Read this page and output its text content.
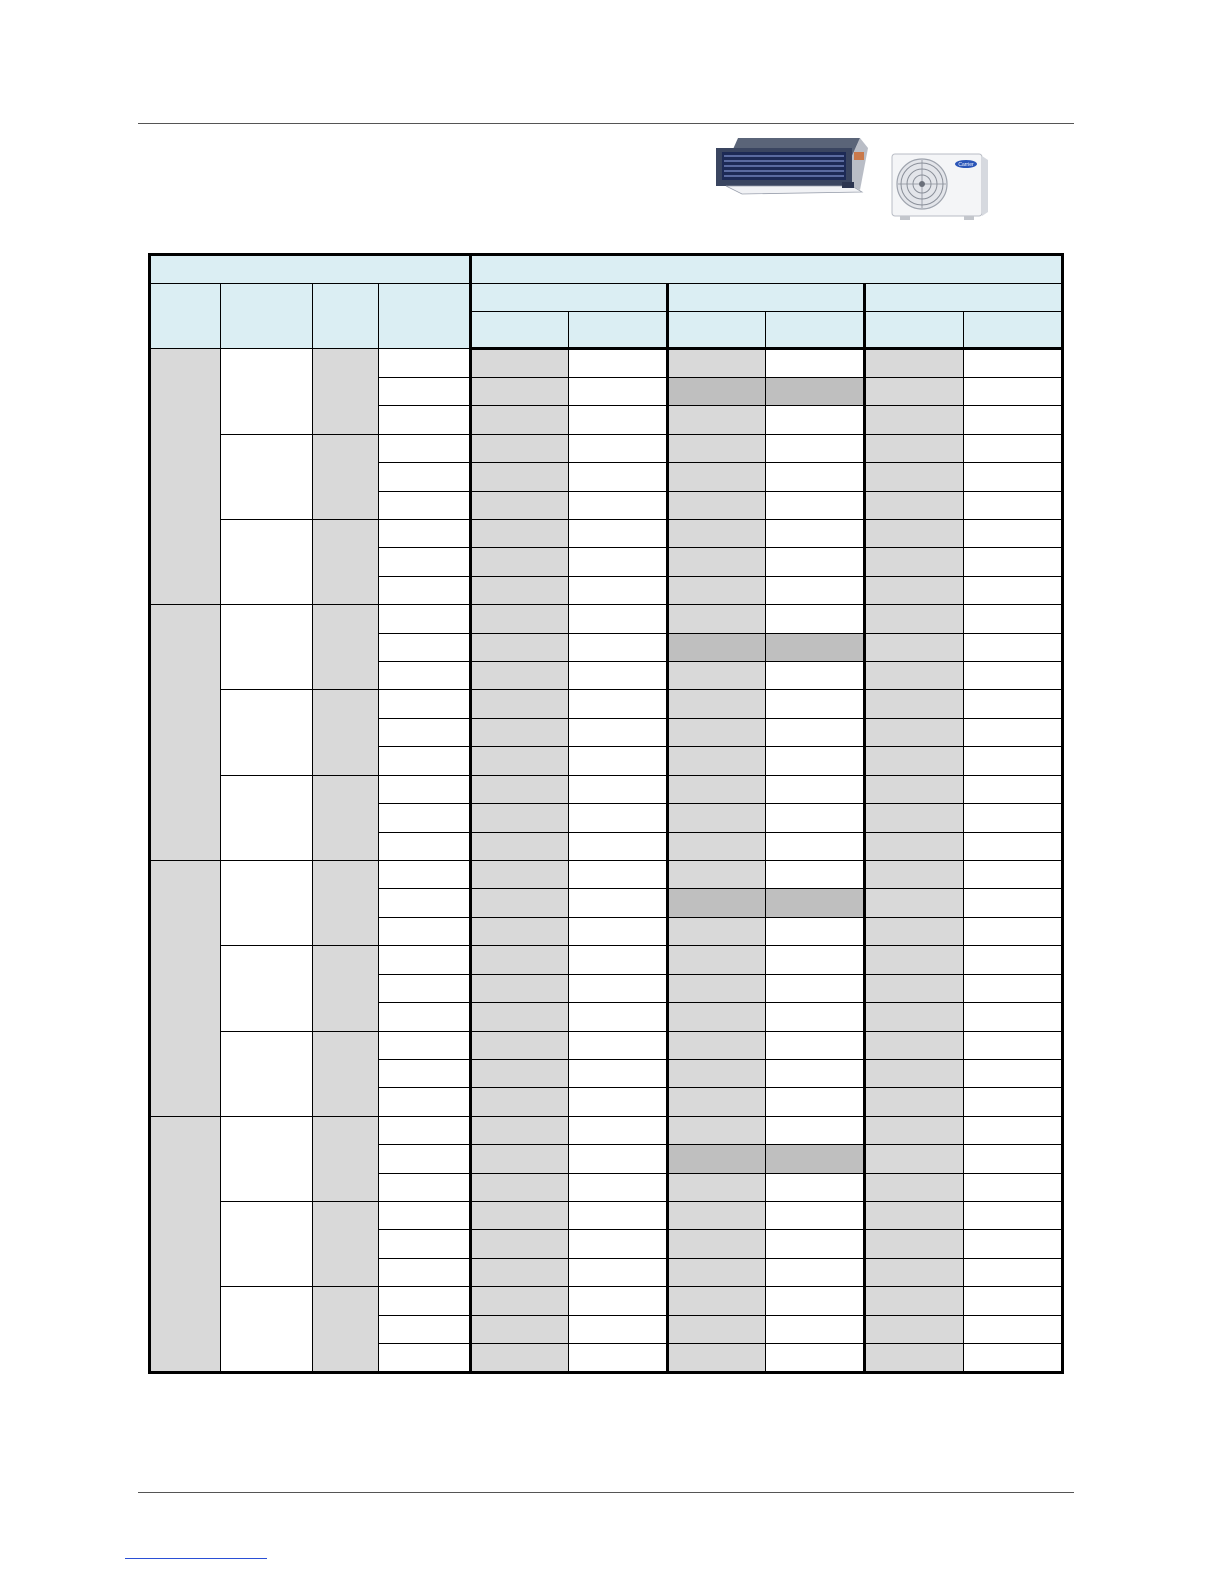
Carrier
